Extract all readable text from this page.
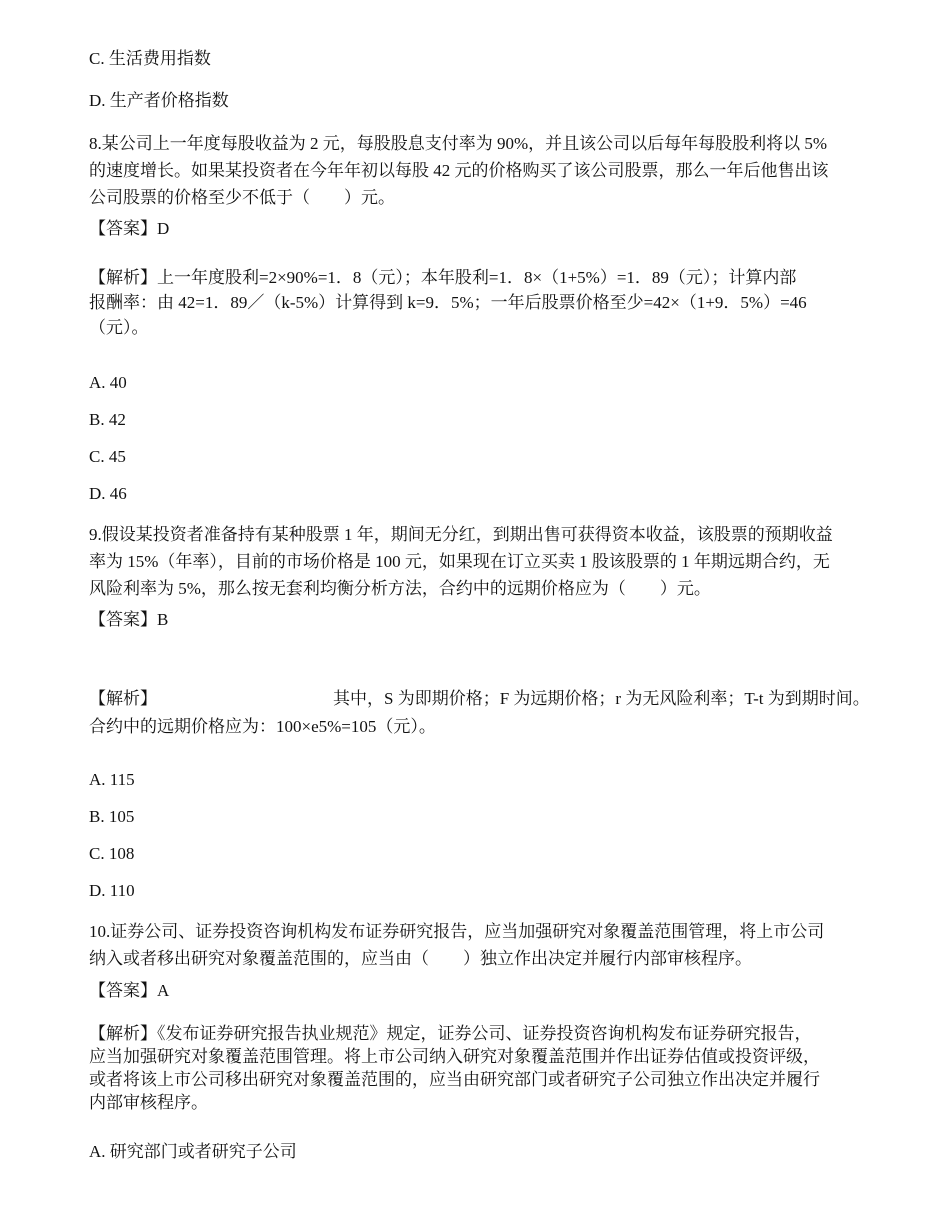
C. 生活费用指数
D. 生产者价格指数
8.某公司上一年度每股收益为 2 元，每股股息支付率为 90%，并且该公司以后每年每股股利将以 5%
的速度增长。如果某投资者在今年年初以每股 42 元的价格购买了该公司股票，那么一年后他售出该
公司股票的价格至少不低于（　　）元。
【答案】D
【解析】上一年度股利=2×90%=1．8（元）；本年股利=1．8×（1+5%）=1．89（元）；计算内部
报酬率：由 42=1．89／（k-5%）计算得到 k=9．5%；一年后股票价格至少=42×（1+9．5%）=46
（元）。
A. 40
B. 42
C. 45
D. 46
9.假设某投资者准备持有某种股票 1 年，期间无分红，到期出售可获得资本收益，该股票的预期收益
率为 15%（年率），目前的市场价格是 100 元，如果现在订立买卖 1 股该股票的 1 年期远期合约，无
风险利率为 5%，那么按无套利均衡分析方法，合约中的远期价格应为（　　）元。
【答案】B
【解析】	其中，S 为即期价格；F 为远期价格；r 为无风险利率；T-t 为到期时间。
合约中的远期价格应为：100×e5%=105（元）。
A. 115
B. 105
C. 108
D. 110
10.证券公司、证券投资咨询机构发布证券研究报告，应当加强研究对象覆盖范围管理，将上市公司
纳入或者移出研究对象覆盖范围的，应当由（　　）独立作出决定并履行内部审核程序。
【答案】A
【解析】《发布证券研究报告执业规范》规定，证券公司、证券投资咨询机构发布证券研究报告，
应当加强研究对象覆盖范围管理。将上市公司纳入研究对象覆盖范围并作出证券估值或投资评级，
或者将该上市公司移出研究对象覆盖范围的，应当由研究部门或者研究子公司独立作出决定并履行
内部审核程序。
A. 研究部门或者研究子公司
